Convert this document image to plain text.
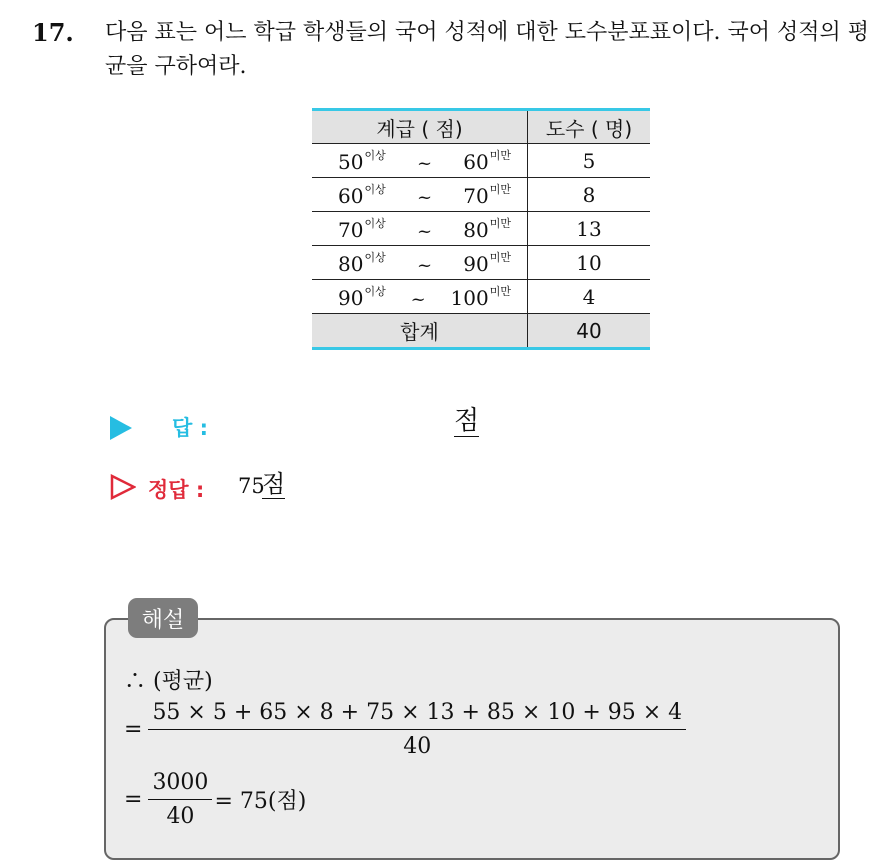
17. 다음 표는 어느 학급 학생들의 국어 성적에 대한 도수분포표이다. 국어 성적의 평균을 구하여라.
계급 ( 점)	도수 ( 명)

$50^{이상}$ ~ $60^{미만}$	5

$60^{이상}$ ~ $70^{미만}$	8

$70^{이상}$ ~ $80^{미만}$	13

$80^{이상}$ ~ $90^{미만}$	10

$90^{이상}$ ~ $100^{미만}$	4
합계	40
답 :	점
정답 : 75
점
해설
∴ (평균)
= $\frac{55 \times 5 + 65 \times 8 + 75 \times 13 + 85 \times 10 + 95 \times 4}{40}$
= $\frac{3000}{40} = 75$(점)
